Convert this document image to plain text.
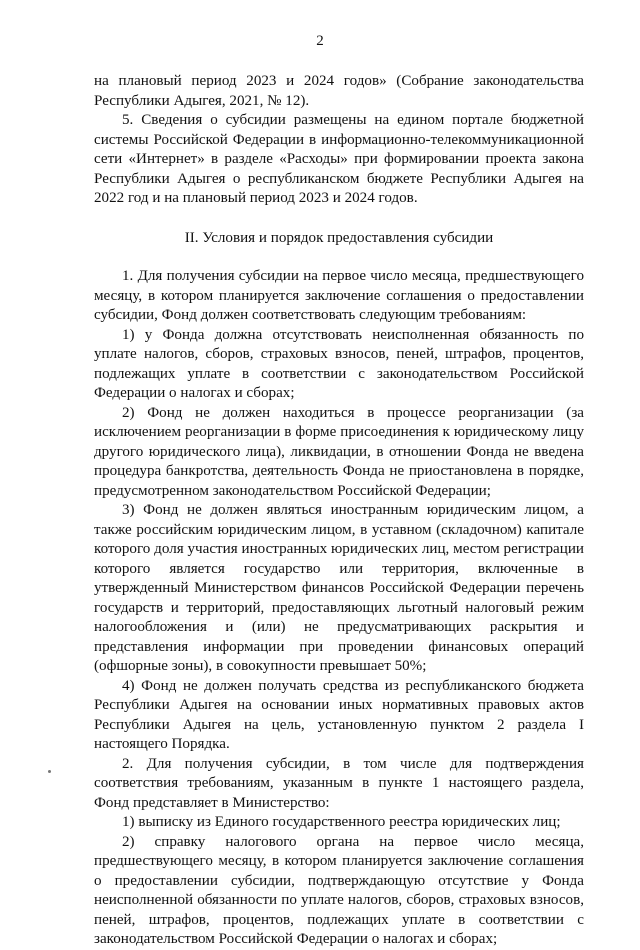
2

на плановый период 2023 и 2024 годов» (Собрание законодательства Республики Адыгея, 2021, № 12).

5. Сведения о субсидии размещены на едином портале бюджетной системы Российской Федерации в информационно-телекоммуникационной сети «Интернет» в разделе «Расходы» при формировании проекта закона Республики Адыгея о республиканском бюджете Республики Адыгея на 2022 год и на плановый период 2023 и 2024 годов.

II. Условия и порядок предоставления субсидии

1. Для получения субсидии на первое число месяца, предшествующего месяцу, в котором планируется заключение соглашения о предоставлении субсидии, Фонд должен соответствовать следующим требованиям:

1) у Фонда должна отсутствовать неисполненная обязанность по уплате налогов, сборов, страховых взносов, пеней, штрафов, процентов, подлежащих уплате в соответствии с законодательством Российской Федерации о налогах и сборах;

2) Фонд не должен находиться в процессе реорганизации (за исключением реорганизации в форме присоединения к юридическому лицу другого юридического лица), ликвидации, в отношении Фонда не введена процедура банкротства, деятельность Фонда не приостановлена в порядке, предусмотренном законодательством Российской Федерации;

3) Фонд не должен являться иностранным юридическим лицом, а также российским юридическим лицом, в уставном (складочном) капитале которого доля участия иностранных юридических лиц, местом регистрации которого является государство или территория, включенные в утвержденный Министерством финансов Российской Федерации перечень государств и территорий, предоставляющих льготный налоговый режим налогообложения и (или) не предусматривающих раскрытия и представления информации при проведении финансовых операций (офшорные зоны), в совокупности превышает 50%;

4) Фонд не должен получать средства из республиканского бюджета Республики Адыгея на основании иных нормативных правовых актов Республики Адыгея на цель, установленную пунктом 2 раздела I настоящего Порядка.

2. Для получения субсидии, в том числе для подтверждения соответствия требованиям, указанным в пункте 1 настоящего раздела, Фонд представляет в Министерство:

1) выписку из Единого государственного реестра юридических лиц;

2) справку налогового органа на первое число месяца, предшествующего месяцу, в котором планируется заключение соглашения о предоставлении субсидии, подтверждающую отсутствие у Фонда неисполненной обязанности по уплате налогов, сборов, страховых взносов, пеней, штрафов, процентов, подлежащих уплате в соответствии с законодательством Российской Федерации о налогах и сборах;
